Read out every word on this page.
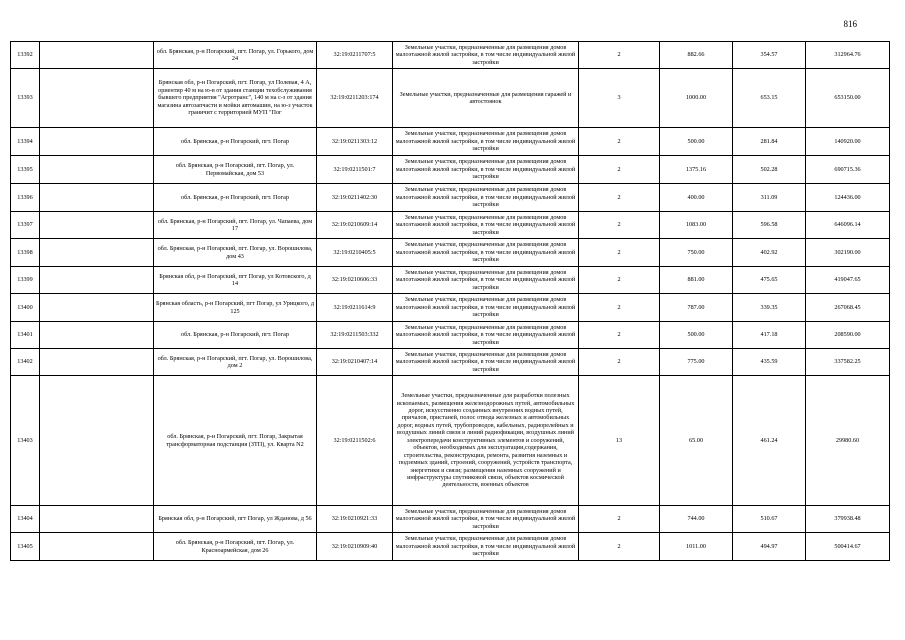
816
13392		обл. Брянская, р-н Погарский, пгт. Погар, ул. Горького, дом 24	32:19:0211707:5	Земельные участки, предназначенные для размещения домов малоэтажной жилой застройки, в том числе индивидуальной жилой застройки	2	882.66	354.57	312964.76
13393		Брянская обл, р-н Погарский, пгт. Погар, ул Полевая, 4 А, ориентир 40 м на ю-в от здания станции техобслуживания бывшего предприятия "Агротранс", 140 м на с-з от здания магазина автозапчасти и мойки автомашин, на ю-з участок граничит с территорией МУП "Пог	32:19:0211203:174	Земельные участки, предназначенные для размещения гаражей и автостоянок	3	1000.00	653.15	653150.00
13394		обл. Брянская, р-н Погарский, пгт. Погар	32:19:0211303:12	Земельные участки, предназначенные для размещения домов малоэтажной жилой застройки, в том числе индивидуальной жилой застройки	2	500.00	281.84	140920.00
13395		обл. Брянская, р-н Погарский, пгт. Погар, ул. Первомайская, дом 53	32:19:0211501:7	Земельные участки, предназначенные для размещения домов малоэтажной жилой застройки, в том числе индивидуальной жилой застройки	2	1375.16	502.28	690715.36
13396		обл. Брянская, р-н Погарский, пгт. Погар	32:19:0211402:30	Земельные участки, предназначенные для размещения домов малоэтажной жилой застройки, в том числе индивидуальной жилой застройки	2	400.00	311.09	124436.00
13397		обл. Брянская, р-н Погарский, пгт. Погар, ул. Чапаева, дом 17	32:19:0210609:14	Земельные участки, предназначенные для размещения домов малоэтажной жилой застройки, в том числе индивидуальной жилой застройки	2	1083.00	596.58	646096.14
13398		обл. Брянская, р-н Погарский, пгт. Погар, ул. Ворошилова, дом 43	32:19:0210405:5	Земельные участки, предназначенные для размещения домов малоэтажной жилой застройки, в том числе индивидуальной жилой застройки	2	750.00	402.92	302190.00
13399		Брянская обл, р-н Погарский, пгт Погар, ул Котовского, д 14	32:19:0210606:33	Земельные участки, предназначенные для размещения домов малоэтажной жилой застройки, в том числе индивидуальной жилой застройки	2	881.00	475.65	419047.65
13400		Брянская область, р-н Погарский, пгт Погар, ул Урицкого, д 125	32:19:0211614:9	Земельные участки, предназначенные для размещения домов малоэтажной жилой застройки, в том числе индивидуальной жилой застройки	2	787.00	339.35	267068.45
13401		обл. Брянская, р-н Погарский, пгт. Погар	32:19:0211503:332	Земельные участки, предназначенные для размещения домов малоэтажной жилой застройки, в том числе индивидуальной жилой застройки	2	500.00	417.18	208590.00
13402		обл. Брянская, р-н Погарский, пгт. Погар, ул. Ворошилова, дом 2	32:19:0210407:14	Земельные участки, предназначенные для размещения домов малоэтажной жилой застройки, в том числе индивидуальной жилой застройки	2	775.00	435.59	337582.25
13403		обл. Брянская, р-н Погарский, пгт. Погар, Закрытая трансформаторная подстанция (ЗТП), ул. Кварта N2	32:19:0211502:6	Земельные участки, предназначенные для разработки полезных ископаемых, размещения железнодорожных путей, автомобильных дорог, искусственно созданных внутренних водных путей, причалов, пристаней, полос отвода железных и автомобильных дорог, водных путей, трубопроводов, кабельных, радиорелейных и воздушных линий связи и линий радиофикации, воздушных линий электропередачи конструктивных элементов и сооружений, объектов, необходимых для эксплуатации,содержания, строительства, реконструкции, ремонта, развития наземных и подземных зданий, строений, сооружений, устройств транспорта, энергетики и связи; размещения наземных сооружений и инфраструктуры спутниковой связи, объектов космической деятельности, военных объектов	13	65.00	461.24	29980.60
13404		Брянская обл, р-н Погарский, пгт Погар, ул Жданова, д 56	32:19:0210921:33	Земельные участки, предназначенные для размещения домов малоэтажной жилой застройки, в том числе индивидуальной жилой застройки	2	744.00	510.67	379938.48
13405		обл. Брянская, р-н Погарский, пгт. Погар, ул. Красноармейская, дом 26	32:19:0210909:40	Земельные участки, предназначенные для размещения домов малоэтажной жилой застройки, в том числе индивидуальной жилой застройки	2	1011.00	494.97	500414.67
